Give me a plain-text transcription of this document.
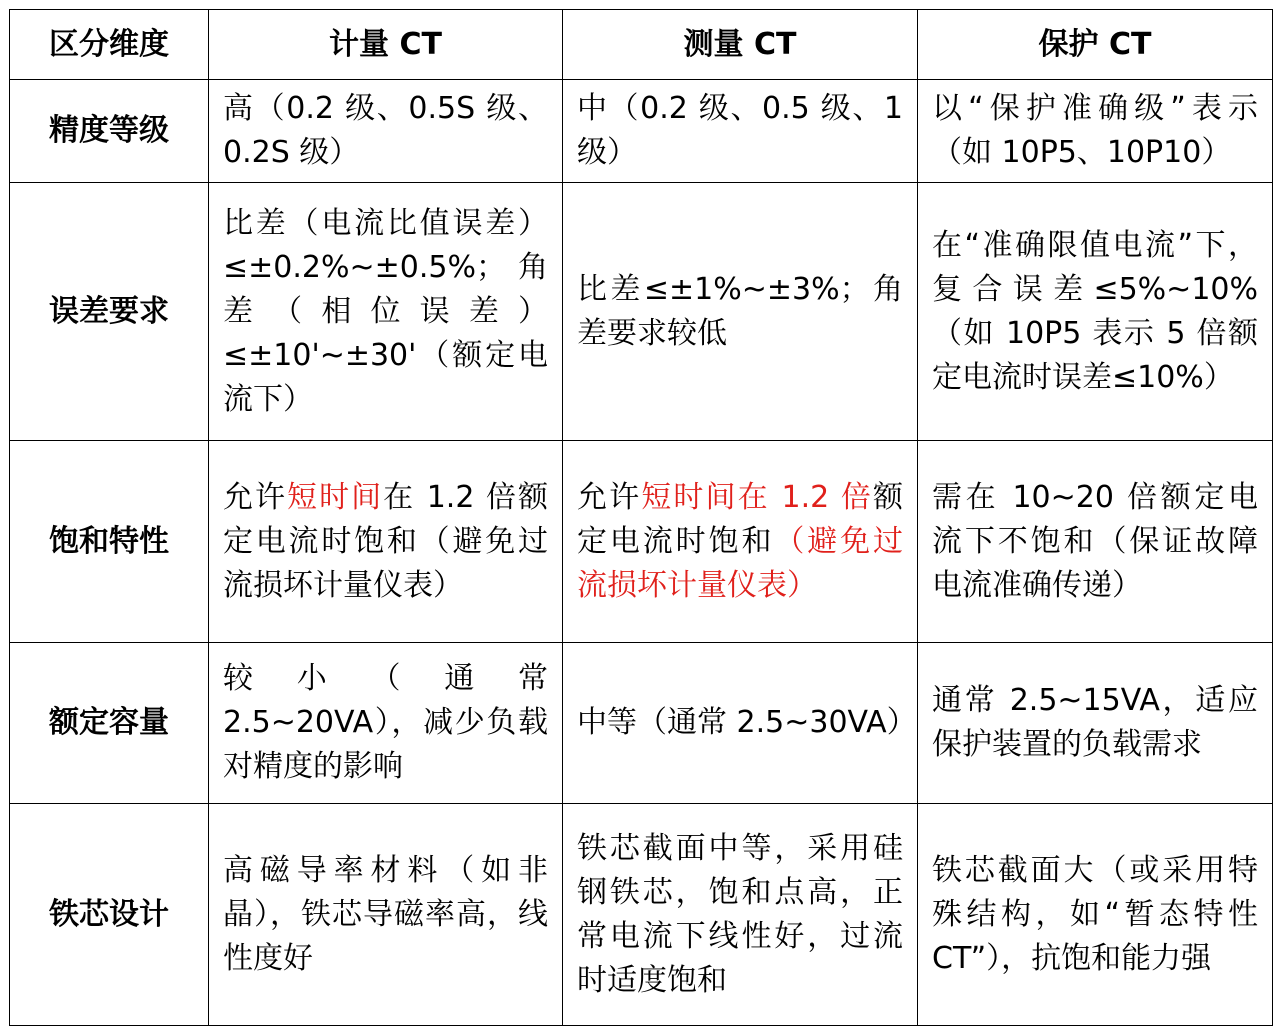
区分维度	计量 CT	测量 CT	保护 CT
精度等级	高（0.2 级、0.5S 级、0.2S 级）	中（0.2 级、0.5 级、1 级）	以“保护准确级”表示（如 10P5、10P10）
误差要求	比差（电流比值误差）≤±0.2%~±0.5%；角差（相位误差）≤±10'~±30'（额定电流下）	比差≤±1%~±3%；角差要求较低	在“准确限值电流”下，复合误差≤5%~10%（如 10P5 表示 5 倍额定电流时误差≤10%）
饱和特性	允许短时间在 1.2 倍额定电流时饱和（避免过流损坏计量仪表）	允许短时间在 1.2 倍额定电流时饱和（避免过流损坏计量仪表）	需在 10~20 倍额定电流下不饱和（保证故障电流准确传递）
额定容量	较小（通常 2.5~20VA），减少负载对精度的影响	中等（通常 2.5~30VA）	通常 2.5~15VA，适应保护装置的负载需求
铁芯设计	高磁导率材料（如非晶），铁芯导磁率高，线性度好	铁芯截面中等，采用硅钢铁芯，饱和点高，正常电流下线性好，过流时适度饱和	铁芯截面大（或采用特殊结构，如“暂态特性 CT”），抗饱和能力强
